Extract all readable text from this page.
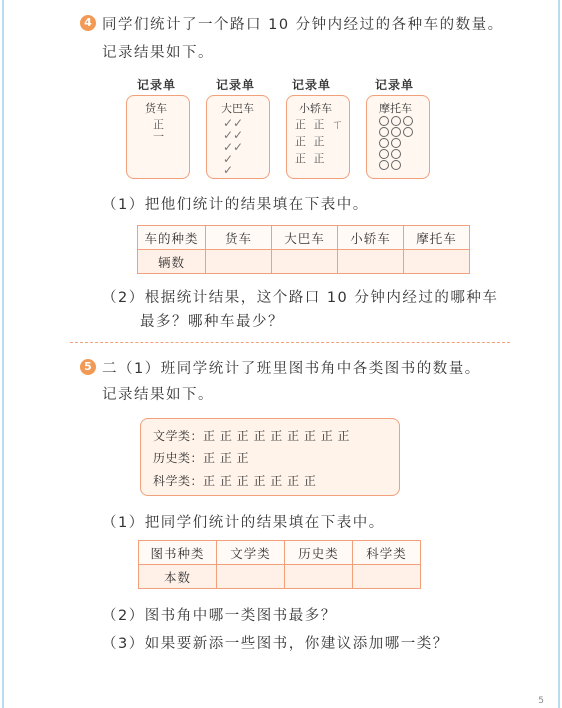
4 同学们统计了一个路口 10 分钟内经过的各种车的数量。
记录结果如下。
记录单	记录单	记录单	记录单
货车
正
一
大巴车
✓✓
✓✓
✓✓
✓
✓
小轿车
正 正 ㄒ
正 正
正 正
摩托车
（1）把他们统计的结果填在下表中。
车的种类	货车	大巴车	小轿车	摩托车
辆数				
（2）根据统计结果，这个路口 10 分钟内经过的哪种车
最多？哪种车最少？
5 二（1）班同学统计了班里图书角中各类图书的数量。
记录结果如下。
文学类：正 正 正 正 正 正 正 正 正
历史类：正 正 正
科学类：正 正 正 正 正 正 正
（1）把同学们统计的结果填在下表中。
图书种类	文学类	历史类	科学类
本数			
（2）图书角中哪一类图书最多？
（3）如果要新添一些图书，你建议添加哪一类？
5
